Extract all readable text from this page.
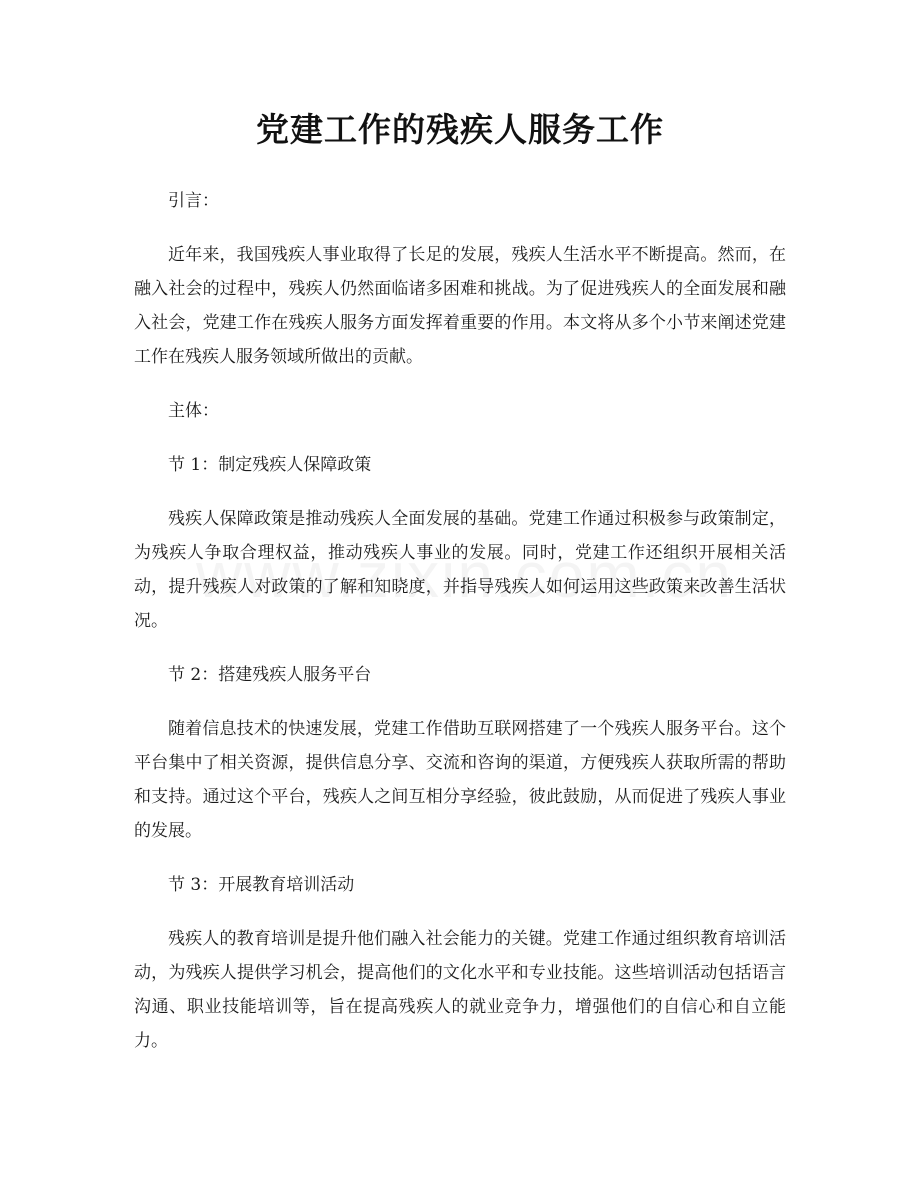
党建工作的残疾人服务工作

引言：

近年来，我国残疾人事业取得了长足的发展，残疾人生活水平不断提高。然而，在融入社会的过程中，残疾人仍然面临诸多困难和挑战。为了促进残疾人的全面发展和融入社会，党建工作在残疾人服务方面发挥着重要的作用。本文将从多个小节来阐述党建工作在残疾人服务领域所做出的贡献。

主体：

节 1：制定残疾人保障政策

残疾人保障政策是推动残疾人全面发展的基础。党建工作通过积极参与政策制定，为残疾人争取合理权益，推动残疾人事业的发展。同时，党建工作还组织开展相关活动，提升残疾人对政策的了解和知晓度，并指导残疾人如何运用这些政策来改善生活状况。

节 2：搭建残疾人服务平台

随着信息技术的快速发展，党建工作借助互联网搭建了一个残疾人服务平台。这个平台集中了相关资源，提供信息分享、交流和咨询的渠道，方便残疾人获取所需的帮助和支持。通过这个平台，残疾人之间互相分享经验，彼此鼓励，从而促进了残疾人事业的发展。

节 3：开展教育培训活动

残疾人的教育培训是提升他们融入社会能力的关键。党建工作通过组织教育培训活动，为残疾人提供学习机会，提高他们的文化水平和专业技能。这些培训活动包括语言沟通、职业技能培训等，旨在提高残疾人的就业竞争力，增强他们的自信心和自立能力。
